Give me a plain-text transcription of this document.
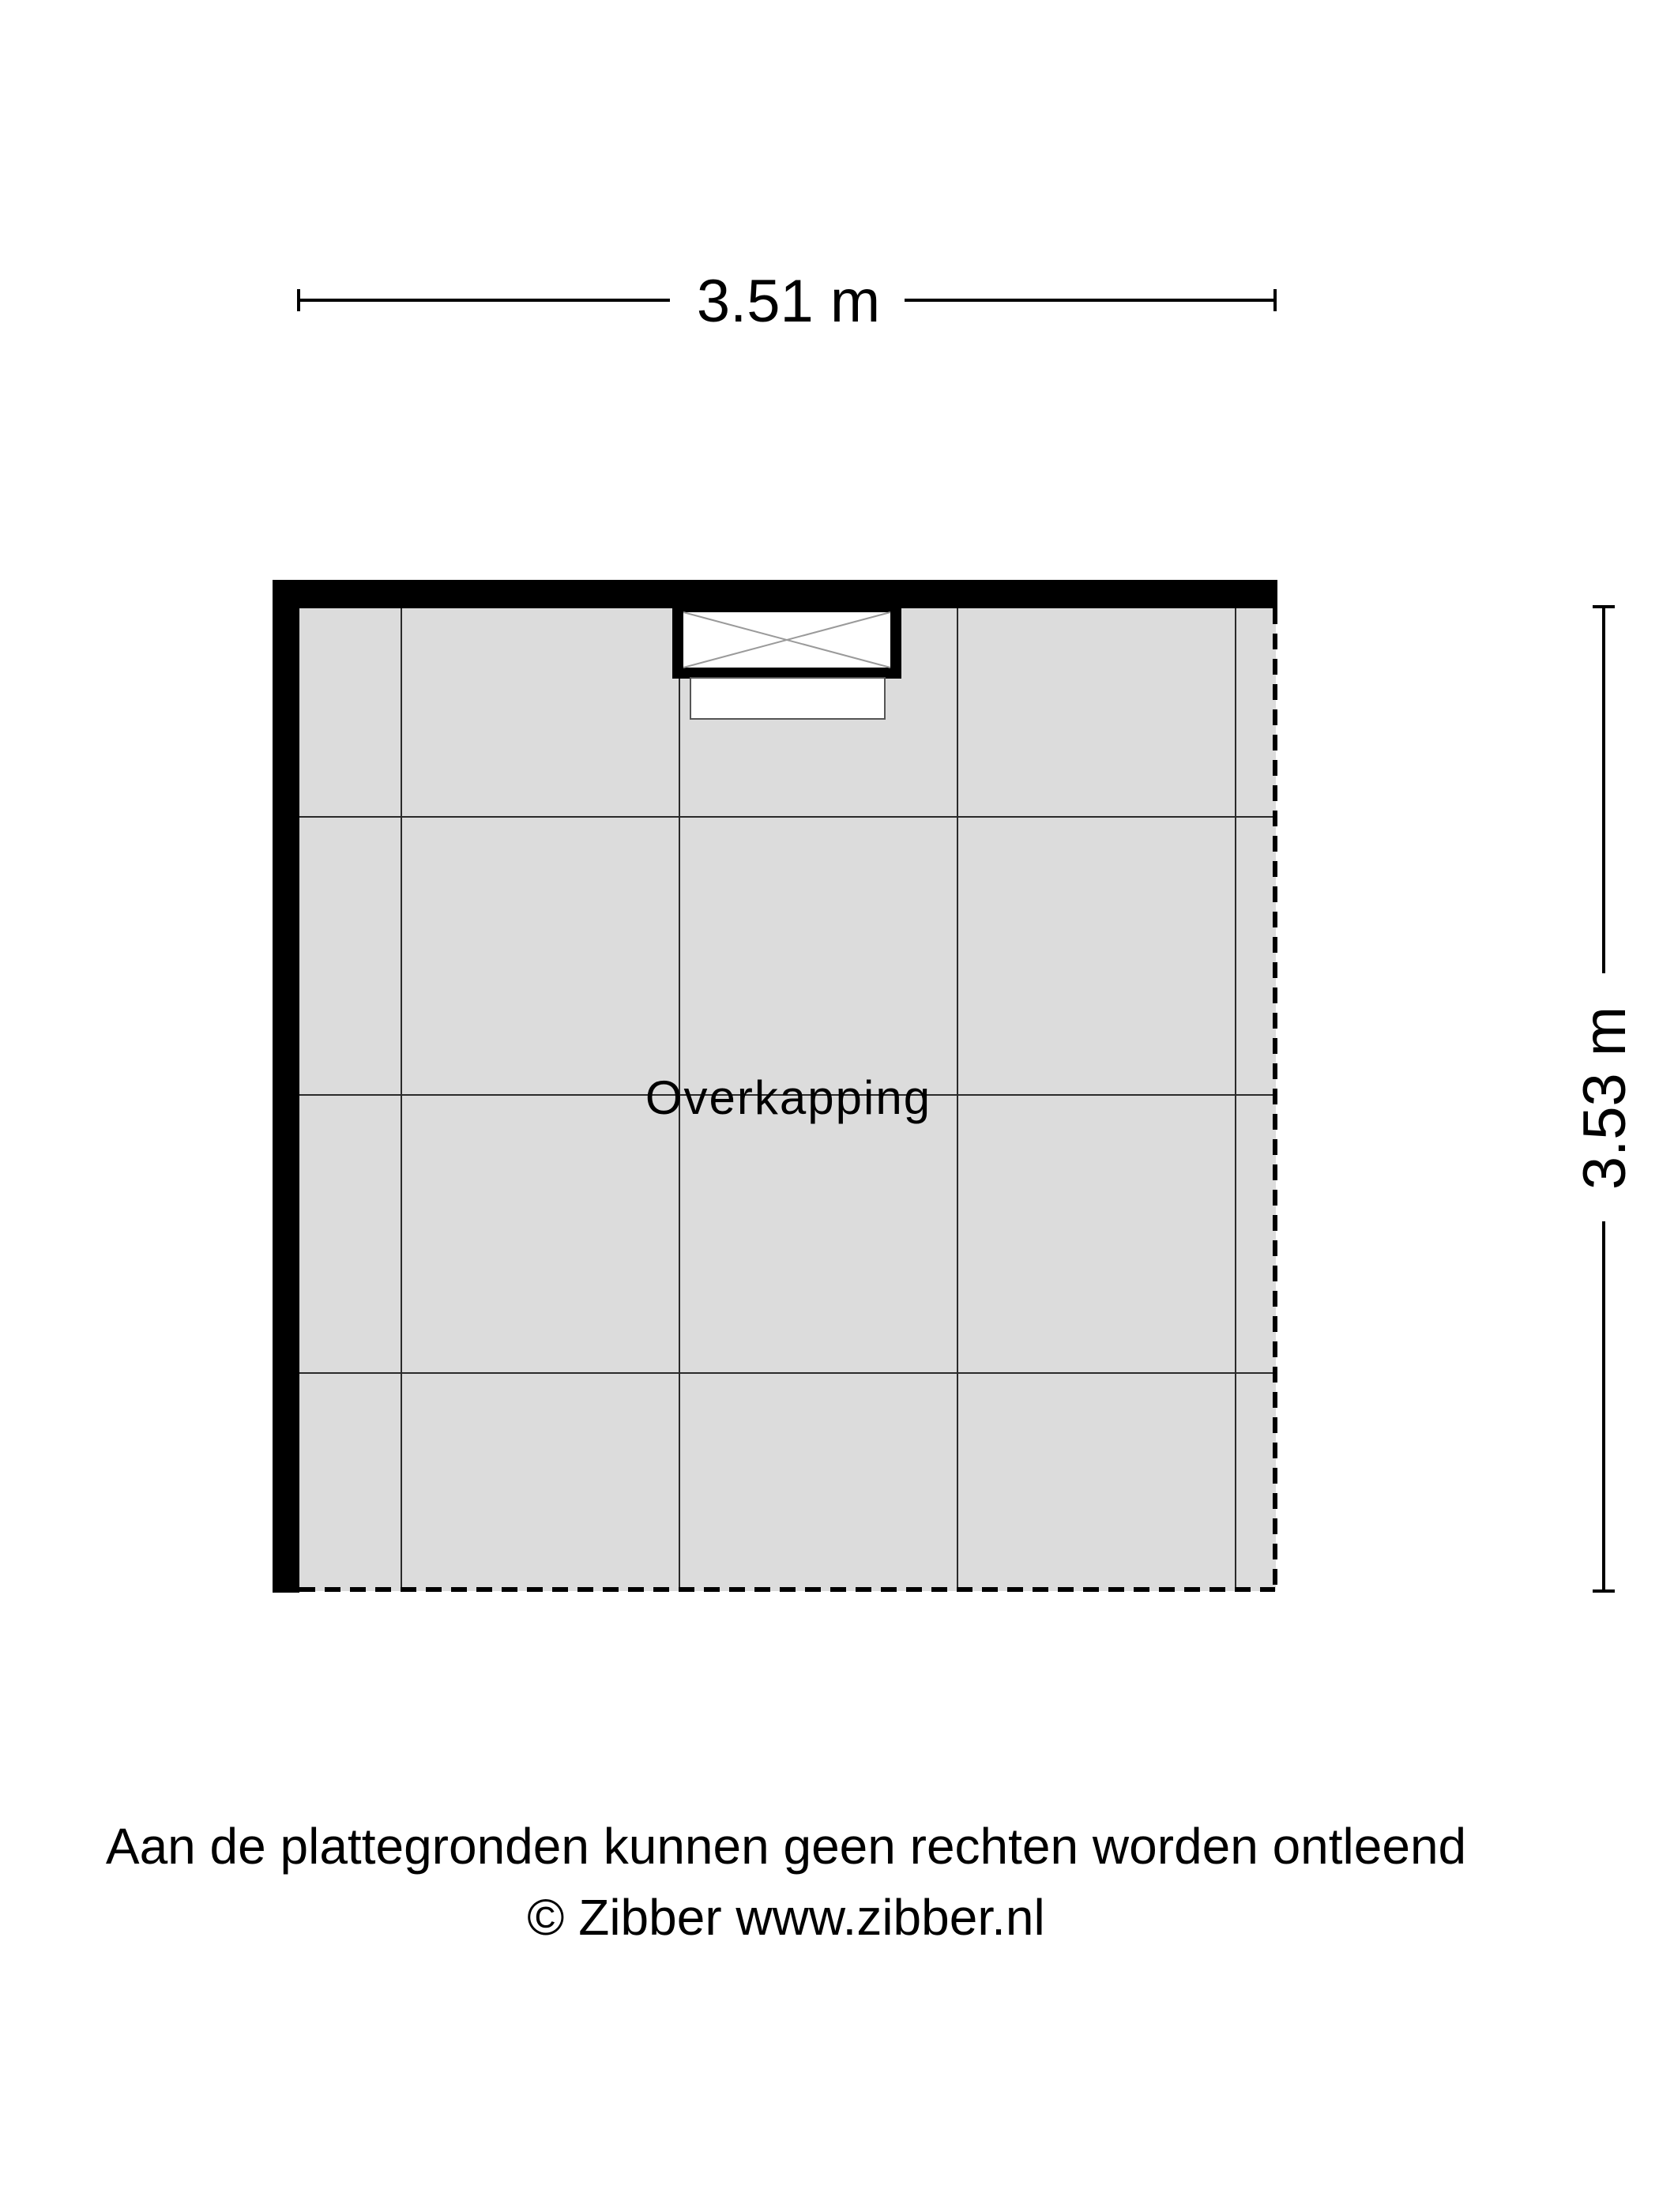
3.51 m
3.53 m
Overkapping
Aan de plattegronden kunnen geen rechten worden ontleend
© Zibber www.zibber.nl
